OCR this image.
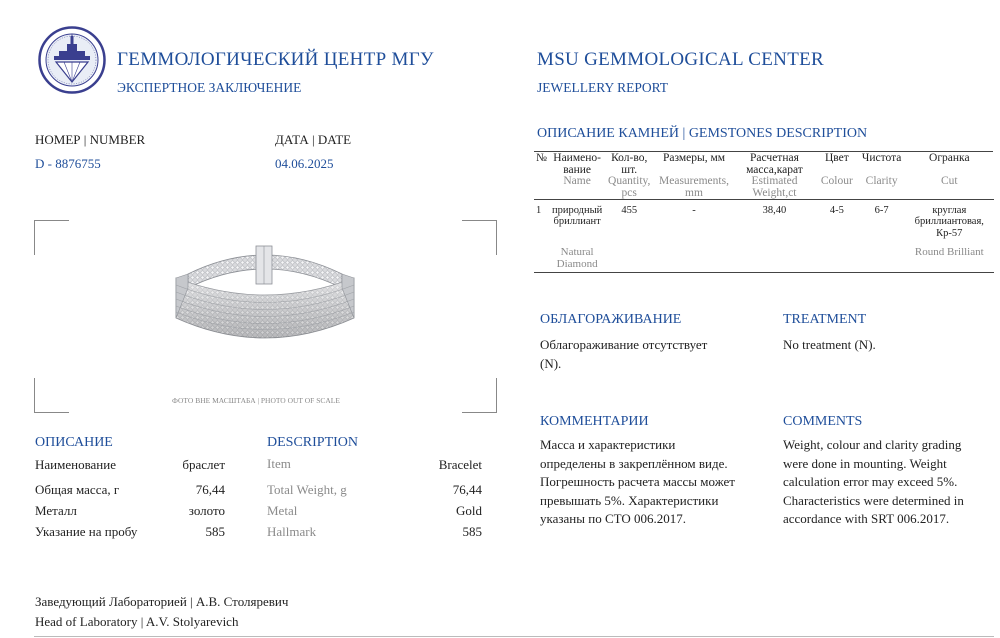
ГЕММОЛОГИЧЕСКИЙ ЦЕНТР МГУ
ЭКСПЕРТНОЕ ЗАКЛЮЧЕНИЕ
MSU GEMMOLOGICAL CENTER
JEWELLERY REPORT
НОМЕР | NUMBER
D - 8876755
ДАТА | DATE
04.06.2025
ФОТО ВНЕ МАСШТАБА | PHOTO OUT OF SCALE
ОПИСАНИЕ
Наименование	браслет
Общая масса, г	76,44
Металл	золото
Указание на пробу	585
DESCRIPTION
Item	Bracelet
Total Weight, g	76,44
Metal	Gold
Hallmark	585
ОПИСАНИЕ КАМНЕЙ | GEMSTONES DESCRIPTION
№	Наимено-вание	Кол-во, шт.	Размеры, мм	Расчетная масса,карат	Цвет	Чистота	Огранка
	Name	Quantity, pcs	Measurements, mm	Estimated Weight,ct	Colour	Clarity	Cut

1	природный бриллиант	455	-	38,40	4-5	6-7	круглая бриллиантовая, Кр-57

	Natural Diamond						Round Brilliant
ОБЛАГОРАЖИВАНИЕ
Облагораживание отсутствует (N).
TREATMENT
No treatment (N).
КОММЕНТАРИИ
Масса и характеристики
определены в закреплённом виде.
Погрешность расчета массы может
превышать 5%. Характеристики
указаны по СТО 006.2017.
COMMENTS
Weight, colour and clarity grading
were done in mounting. Weight
calculation error may exceed 5%.
Characteristics were determined in
accordance with SRT 006.2017.
Заведующий Лабораторией | А.В. Столяревич
Head of Laboratory | A.V. Stolyarevich
